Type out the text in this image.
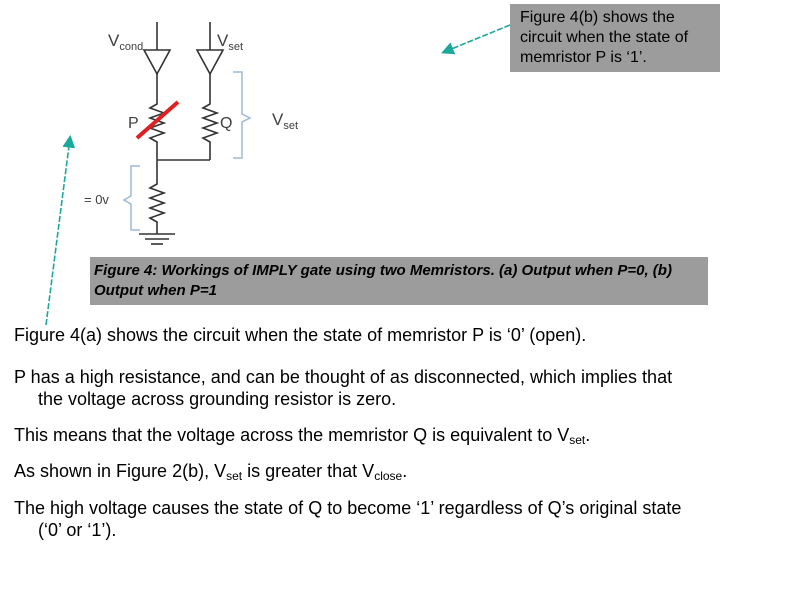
$V_{cond}$	$V_{set}$
P	Q $V_{set}$
= 0v
Figure 4(b) shows the circuit when the state of memristor P is ‘1’.
Figure 4: Workings of IMPLY gate using two Memristors. (a) Output when P=0, (b) Output when P=1

Figure 4(a) shows the circuit when the state of memristor P is ‘0’ (open).

P has a high resistance, and can be thought of as disconnected, which implies that
the voltage across grounding resistor is zero.

This means that the voltage across the memristor Q is equivalent to $V_{set}$.

As shown in Figure 2(b), $V_{set}$ is greater that $V_{close}$.

The high voltage causes the state of Q to become ‘1’ regardless of Q’s original state
(‘0’ or ‘1’).
